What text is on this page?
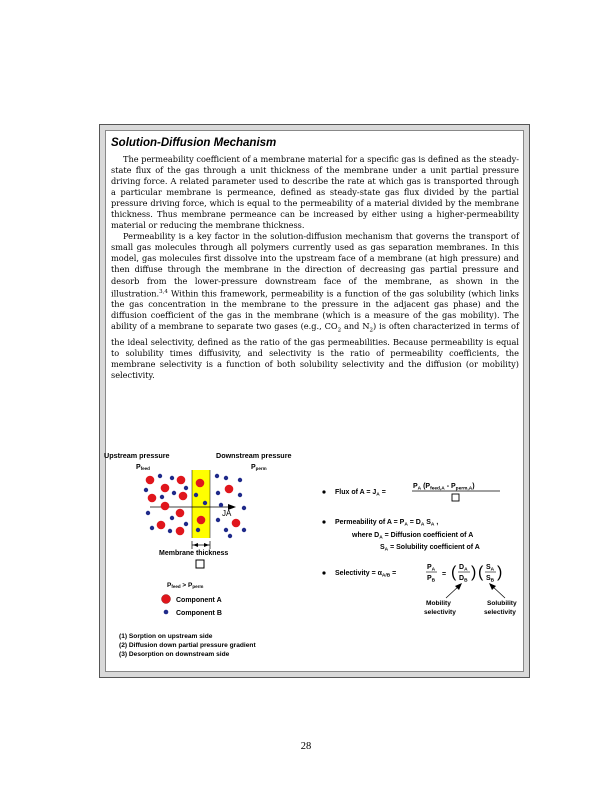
Solution-Diffusion Mechanism

The permeability coefficient of a membrane material for a specific gas is defined as the steady-state flux of the gas through a unit thickness of the membrane under a unit partial pressure driving force. A related parameter used to describe the rate at which gas is transported through a particular membrane is permeance, defined as steady-state gas flux divided by the partial pressure driving force, which is equal to the permeability of a material divided by the membrane thickness. Thus membrane permeance can be increased by either using a higher-permeability material or reducing the membrane thickness.

Permeability is a key factor in the solution-diffusion mechanism that governs the transport of small gas molecules through all polymers currently used as gas separation membranes. In this model, gas molecules first dissolve into the upstream face of a membrane (at high pressure) and then diffuse through the membrane in the direction of decreasing gas partial pressure and desorb from the lower-pressure downstream face of the membrane, as shown in the illustration.$^{3,4}$ Within this framework, permeability is a function of the gas solubility (which links the gas concentration in the membrane to the pressure in the adjacent gas phase) and the diffusion coefficient of the gas in the membrane (which is a measure of the gas mobility). The ability of a membrane to separate two gases (e.g., $CO_2$ and $N_2$) is often characterized in terms of the ideal selectivity, defined as the ratio of the gas permeabilities. Because permeability is equal to solubility times diffusivity, and selectivity is the ratio of permeability coefficients, the membrane selectivity is a function of both solubility selectivity and the diffusion (or mobility) selectivity.

Upstream pressure	Downstream pressure
Pfeed	Pperm
JA
Membrane thickness
Pfeed > Pperm
Component A
Component B
(1) Sorption on upstream side
(2) Diffusion down partial pressure gradient
(3) Desorption on downstream side
Flux of $A = J_A$ =
$P_A$ $(P_{feed,A} - P_{perm,A})$
Permeability of $A = P_A = D_A$ $S_A$ ,
where $D_A$ = Diffusion coefficient of A
$S_A$ = Solubility coefficient of A
Selectivity = $\alpha_{A/B}$ =
$P_A$
$P_B$
= ( $D_A$
$D_B$ ) ( $S_A$
$S_B$ )
Mobility
selectivity
Solubility
selectivity
28
